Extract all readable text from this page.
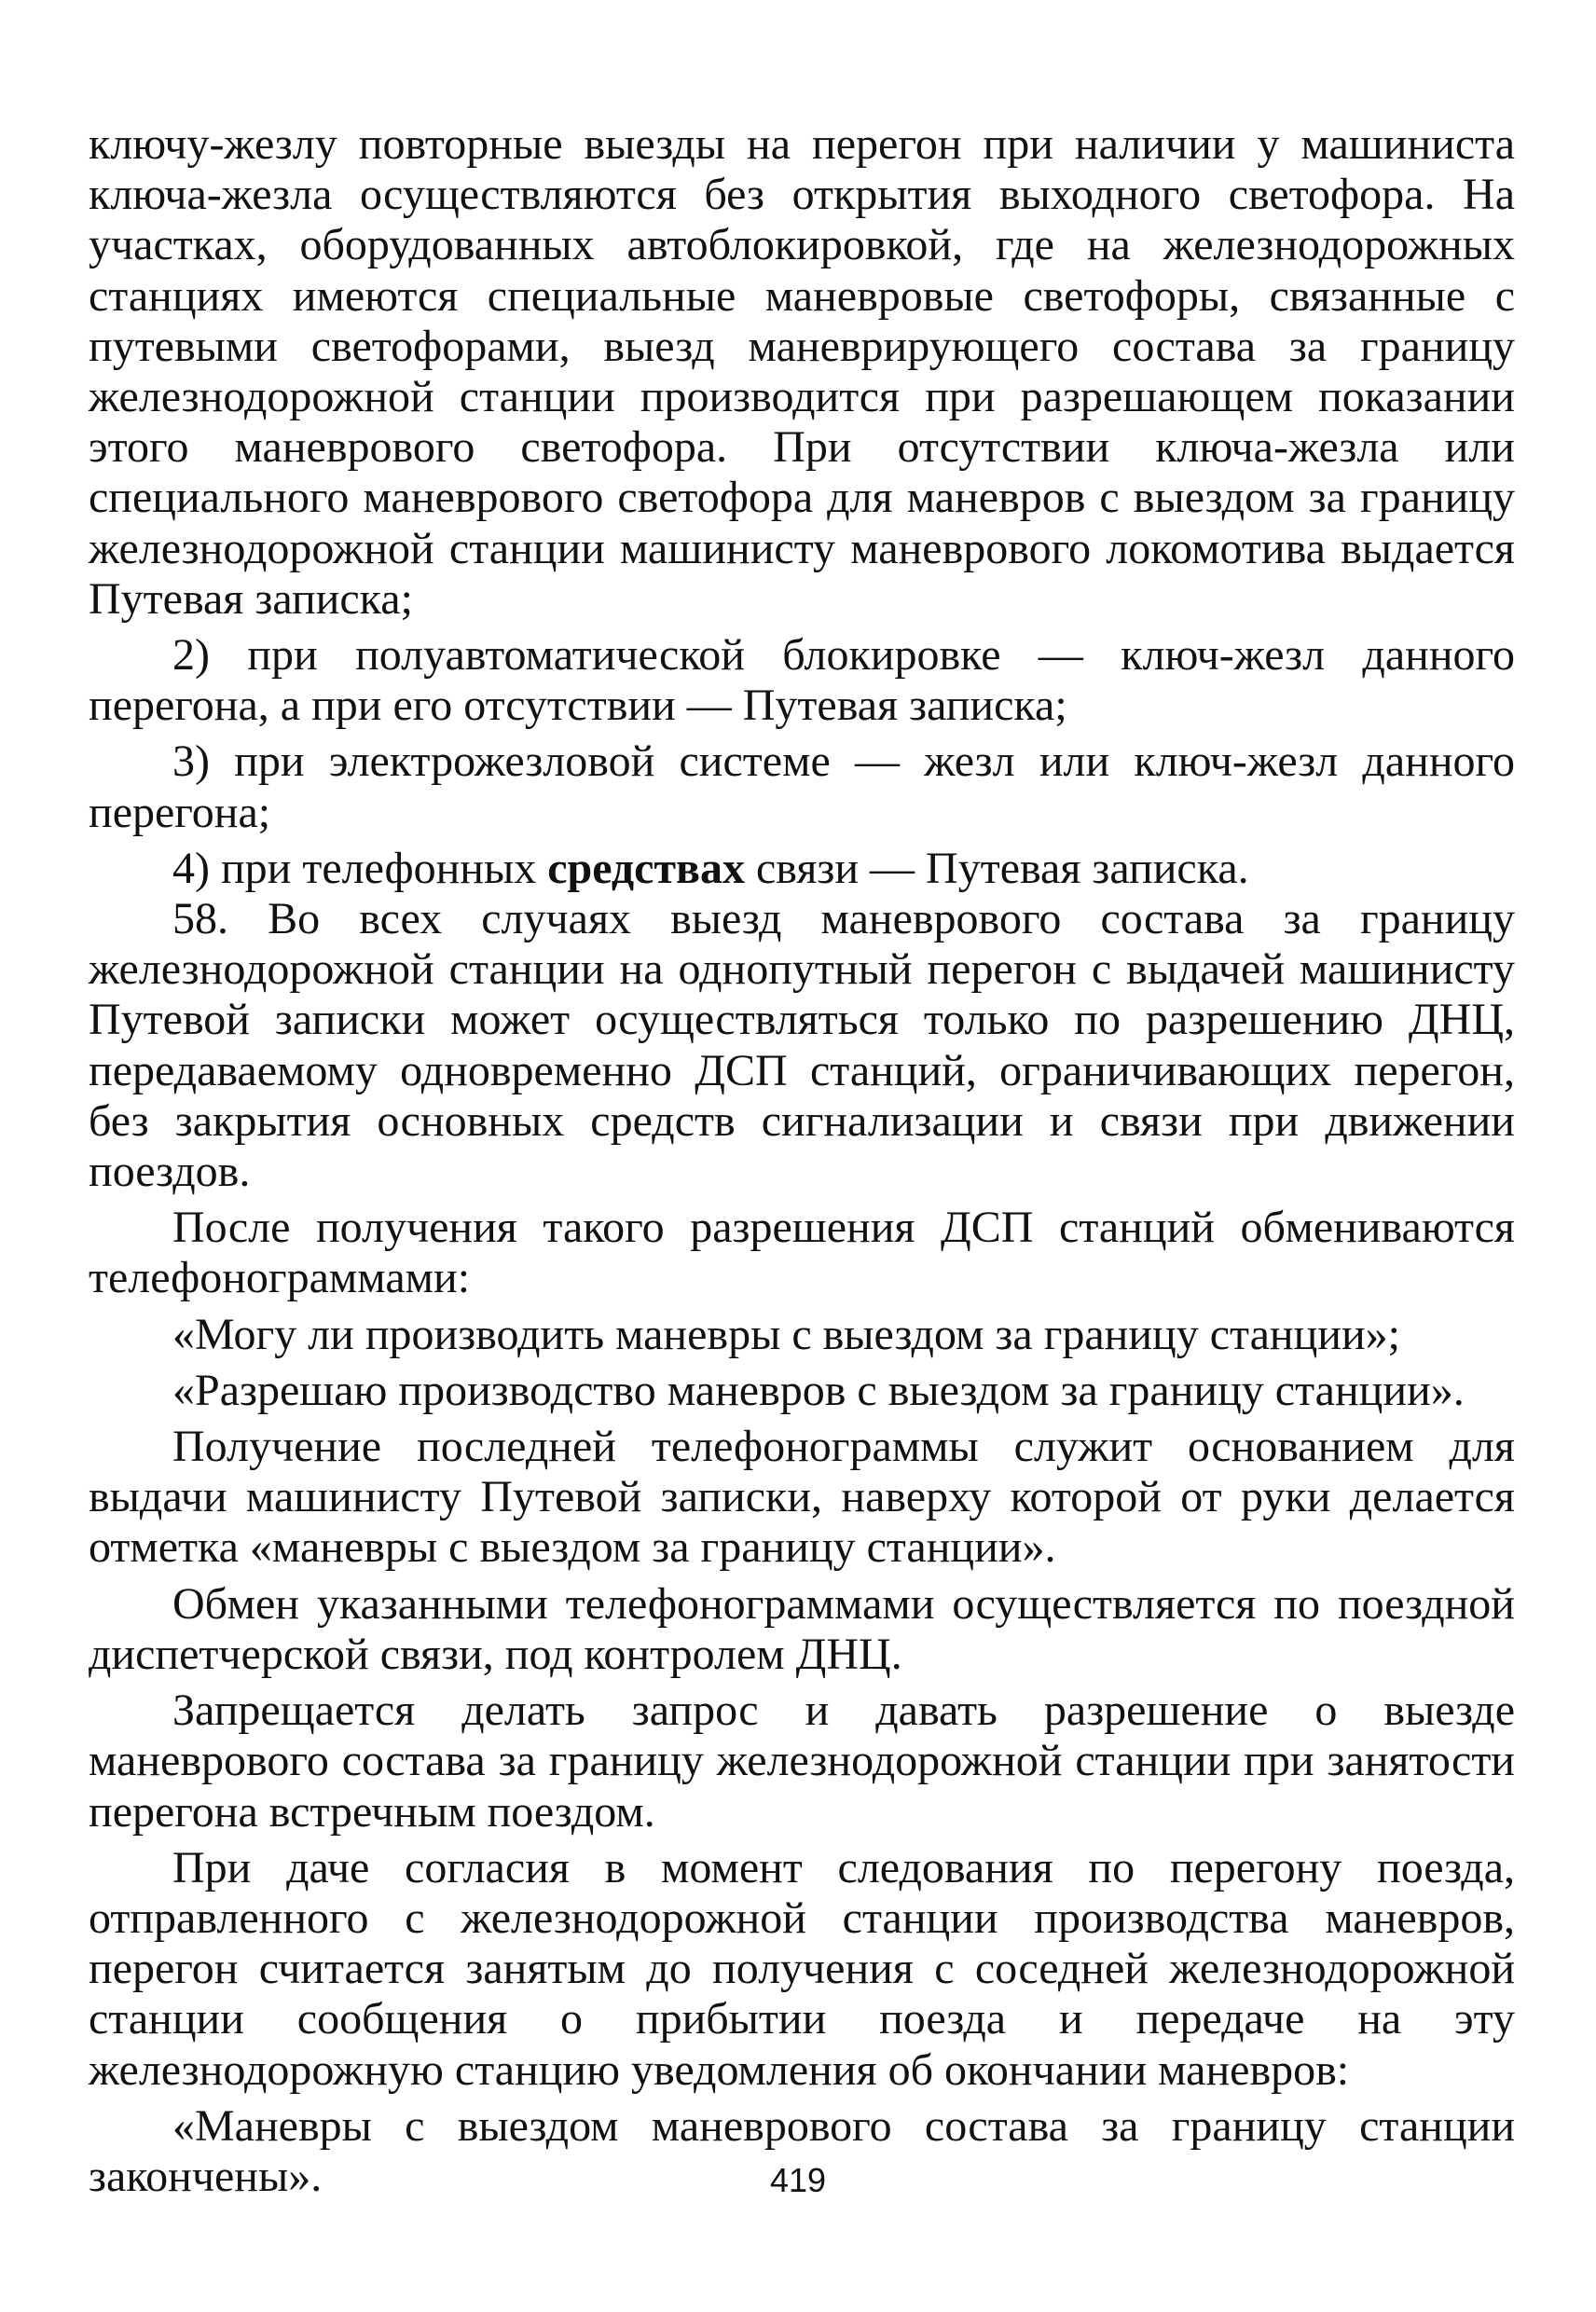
ключу-жезлу повторные выезды на перегон при наличии у машиниста ключа-жезла осуществляются без открытия выходного светофора. На участках, оборудованных автоблокировкой, где на железнодорожных станциях имеются специальные маневровые светофоры, связанные с путевыми светофорами, выезд маневрирующего состава за границу железнодорожной станции производится при разрешающем показании этого маневрового светофора. При отсутствии ключа-жезла или специального маневрового светофора для маневров с выездом за границу железнодорожной станции машинисту маневрового локомотива выдается Путевая записка;

2) при полуавтоматической блокировке — ключ-жезл данного перегона, а при его отсутствии — Путевая записка;

3) при электрожезловой системе — жезл или ключ-жезл данного перегона;

4) при телефонных средствах связи — Путевая записка.

58. Во всех случаях выезд маневрового состава за границу железнодорожной станции на однопутный перегон с выдачей машинисту Путевой записки может осуществляться только по разрешению ДНЦ, передаваемому одновременно ДСП станций, ограничивающих перегон, без закрытия основных средств сигнализации и связи при движении поездов.

После получения такого разрешения ДСП станций обмениваются телефонограммами:

«Могу ли производить маневры с выездом за границу станции»;

«Разрешаю производство маневров с выездом за границу станции».

Получение последней телефонограммы служит основанием для выдачи машинисту Путевой записки, наверху которой от руки делается отметка «маневры с выездом за границу станции».

Обмен указанными телефонограммами осуществляется по поездной диспетчерской связи, под контролем ДНЦ.

Запрещается делать запрос и давать разрешение о выезде маневрового состава за границу железнодорожной станции при занятости перегона встречным поездом.

При даче согласия в момент следования по перегону поезда, отправленного с железнодорожной станции производства маневров, перегон считается занятым до получения с соседней железнодорожной станции сообщения о прибытии поезда и передаче на эту железнодорожную станцию уведомления об окончании маневров:

«Маневры с выездом маневрового состава за границу станции закончены».	419
